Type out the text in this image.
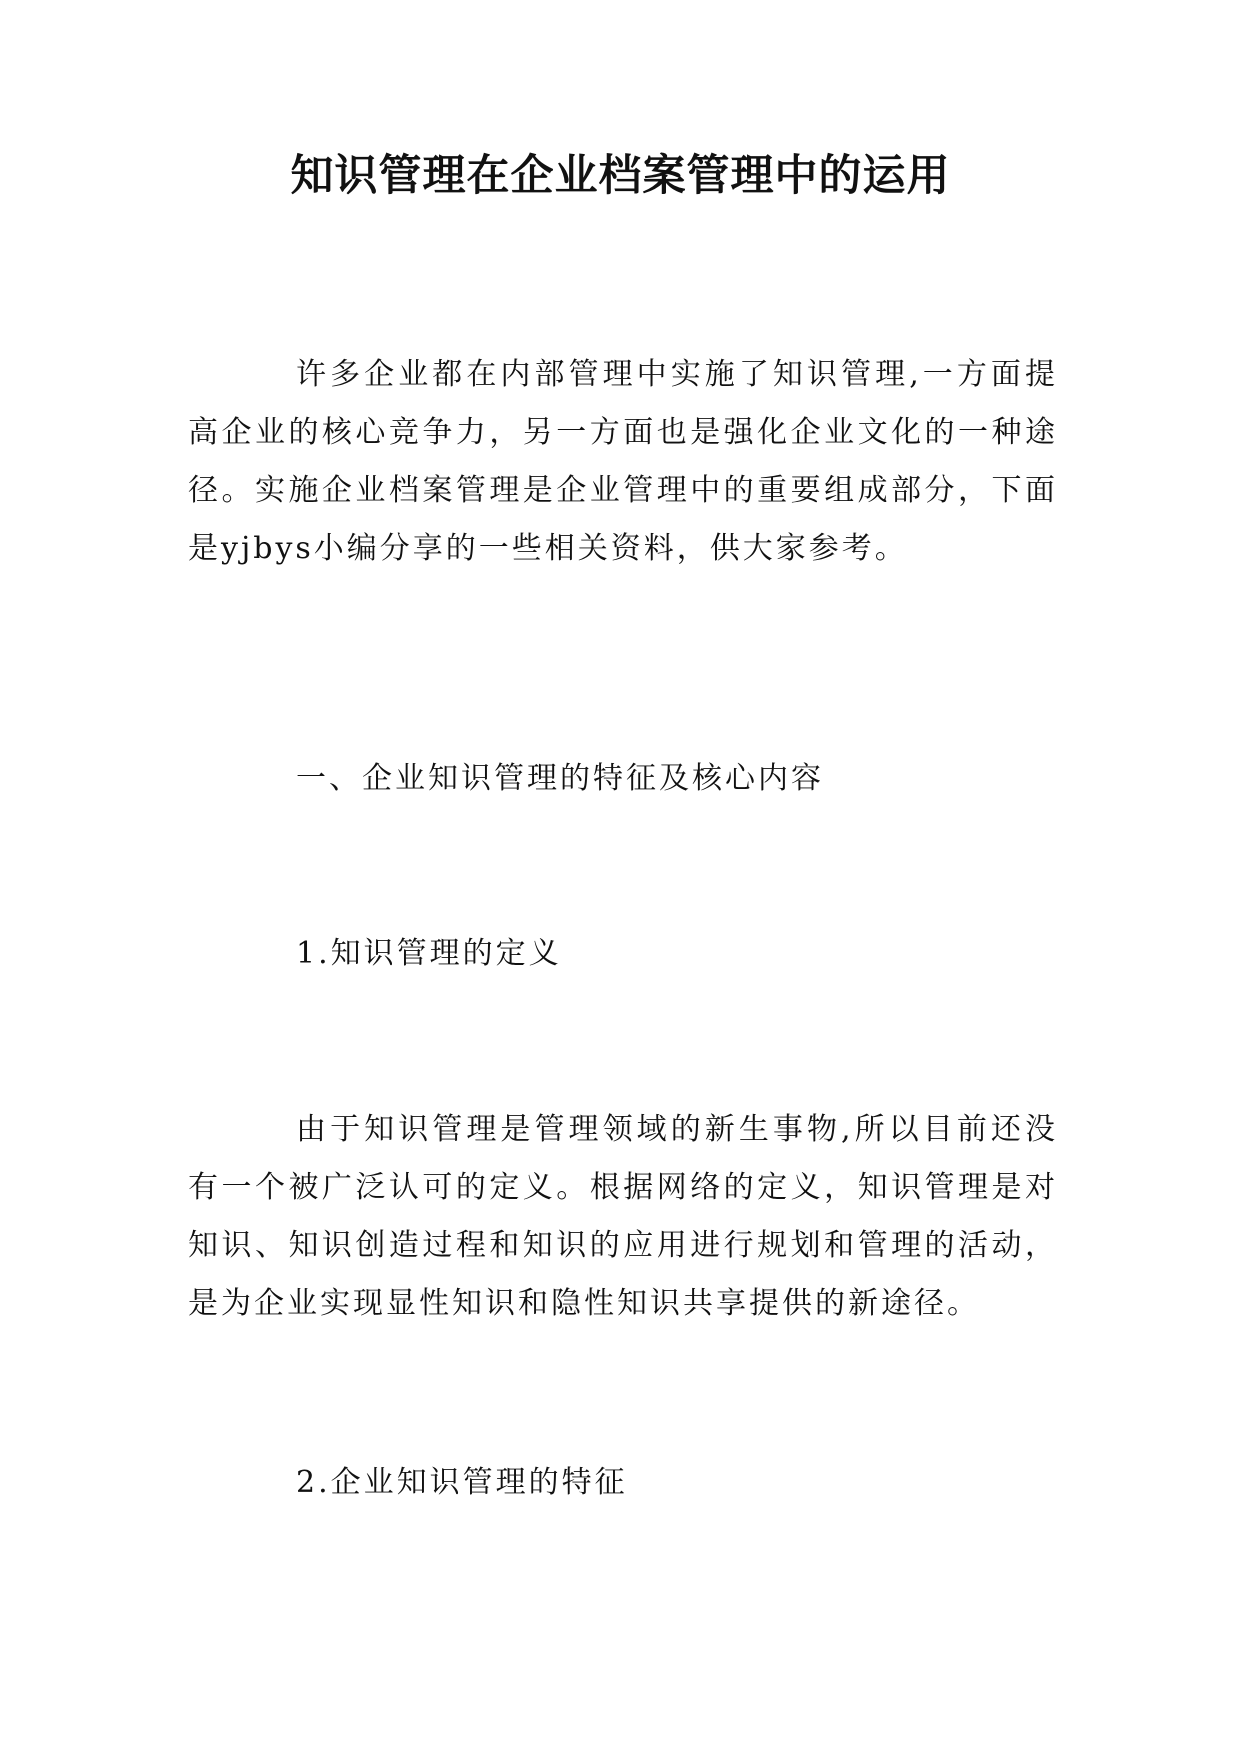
知识管理在企业档案管理中的运用

许多企业都在内部管理中实施了知识管理,一方面提高企业的核心竞争力，另一方面也是强化企业文化的一种途径。实施企业档案管理是企业管理中的重要组成部分，下面是yjbys小编分享的一些相关资料，供大家参考。

一、企业知识管理的特征及核心内容
1.知识管理的定义

由于知识管理是管理领域的新生事物,所以目前还没有一个被广泛认可的定义。根据网络的定义，知识管理是对知识、知识创造过程和知识的应用进行规划和管理的活动，是为企业实现显性知识和隐性知识共享提供的新途径。

2.企业知识管理的特征
